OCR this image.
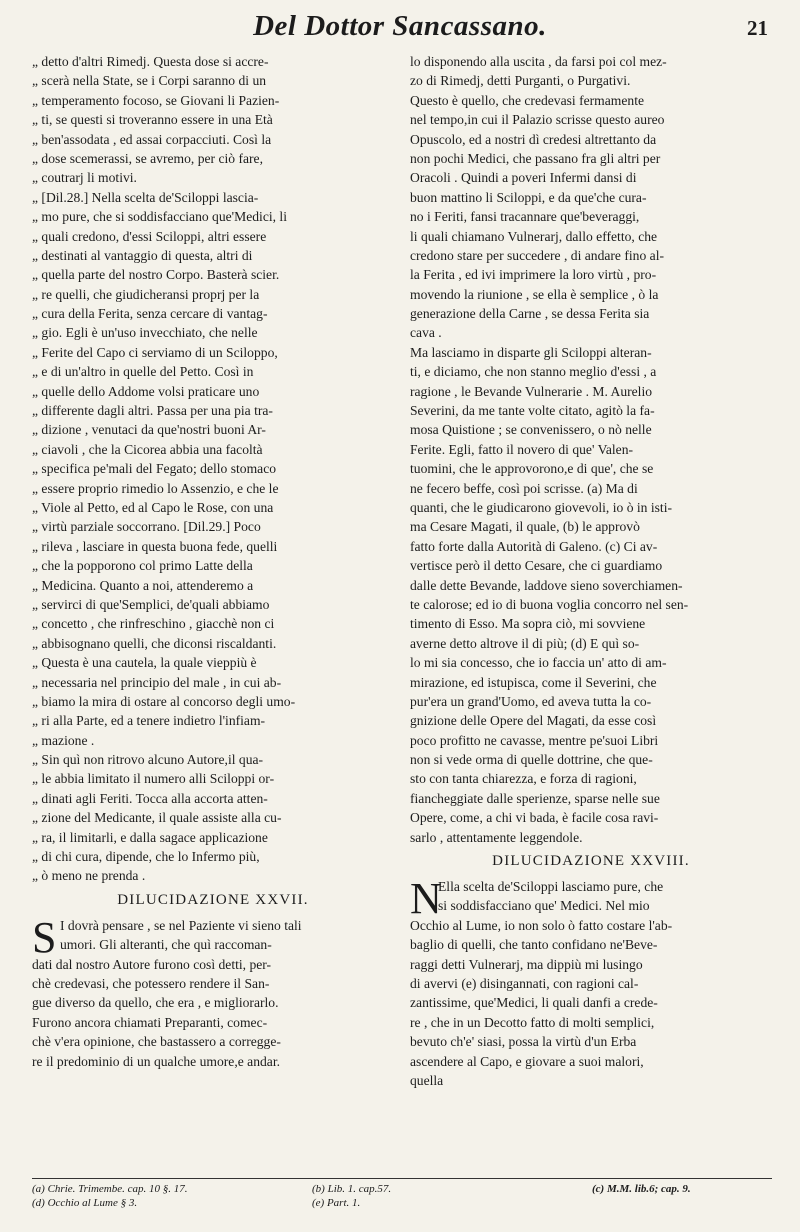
Del Dottor Sancassano.	21
„ detto d'altri Rimedj. Questa dose si accre-
„ scerà nella State, se i Corpi saranno di un
„ temperamento focoso, se Giovani li Pazien-
„ ti, se questi si troveranno essere in una Età
„ ben'assodata , ed assai corpacciuti. Così la
„ dose scemerassi, se avremo, per ciò fare,
„ coutrarj li motivi.
„ [Dil.28.] Nella scelta de'Sciloppi lascia-
„ mo pure, che si soddisfacciano que'Medici, li
„ quali credono, d'essi Sciloppi, altri essere
„ destinati al vantaggio di questa, altri di
„ quella parte del nostro Corpo. Basterà scier.
„ re quelli, che giudicheransi proprj per la
„ cura della Ferita, senza cercare di vantag-
„ gio. Egli è un'uso invecchiato, che nelle
„ Ferite del Capo ci serviamo di un Sciloppo,
„ e di un'altro in quelle del Petto. Così in
„ quelle dello Addome volsi praticare uno
„ differente dagli altri. Passa per una pia tra-
„ dizione , venutaci da que'nostri buoni Ar-
„ ciavoli , che la Cicorea abbia una facoltà
„ specifica pe'mali del Fegato; dello stomaco
„ essere proprio rimedio lo Assenzio, e che le
„ Viole al Petto, ed al Capo le Rose, con una
„ virtù parziale soccorrano. [Dil.29.] Poco
„ rileva , lasciare in questa buona fede, quelli
„ che la popporono col primo Latte della
„ Medicina. Quanto a noi, attenderemo a
„ servirci di que'Semplici, de'quali abbiamo
„ concetto , che rinfreschino , giacchè non ci
„ abbisognano quelli, che diconsi riscaldanti.
„ Questa è una cautela, la quale vieppiù è
„ necessaria nel principio del male , in cui ab-
„ biamo la mira di ostare al concorso degli umo-
„ ri alla Parte, ed a tenere indietro l'infiam-
„ mazione .
„ Sin quì non ritrovo alcuno Autore,il qua-
„ le abbia limitato il numero alli Sciloppi or-
„ dinati agli Feriti. Tocca alla accorta atten-
„ zione del Medicante, il quale assiste alla cu-
„ ra, il limitarli, e dalla sagace applicazione
„ di chi cura, dipende, che lo Infermo più,
„ ò meno ne prenda .
DILUCIDAZIONE XXVII.
S I dovrà pensare , se nel Paziente vi sieno tali
umori. Gli alteranti, che quì raccoman-
dati dal nostro Autore furono così detti, per-
chè credevasi, che potessero rendere il San-
gue diverso da quello, che era , e migliorarlo.
Furono ancora chiamati Preparanti, comec-
chè v'era opinione, che bastassero a corregge-
re il predominio di un qualche umore,e andar.
lo disponendo alla uscita , da farsi poi col mez-
zo di Rimedj, detti Purganti, o Purgativi.
Questo è quello, che credevasi fermamente
nel tempo,in cui il Palazio scrisse questo aureo
Opuscolo, ed a nostri dì credesi altrettanto da
non pochi Medici, che passano fra gli altri per
Oracoli . Quindi a poveri Infermi dansi di
buon mattino li Sciloppi, e da que'che cura-
no i Feriti, fansi tracannare que'beveraggi,
li quali chiamano Vulnerarj, dallo effetto, che
credono stare per succedere , di andare fino al-
la Ferita , ed ivi imprimere la loro virtù , pro-
movendo la riunione , se ella è semplice , ò la
generazione della Carne , se dessa Ferita sia
cava .
Ma lasciamo in disparte gli Sciloppi alteran-
ti, e diciamo, che non stanno meglio d'essi , a
ragione , le Bevande Vulnerarie . M. Aurelio
Severini, da me tante volte citato, agitò la fa-
mosa Quistione ; se convenissero, o nò nelle
Ferite. Egli, fatto il novero di que' Valen-
tuomini, che le approvorono,e di que', che se
ne fecero beffe, così poi scrisse. (a) Ma di
quanti, che le giudicarono giovevoli, io ò in isti-
ma Cesare Magati, il quale, (b) le approvò
fatto forte dalla Autorità di Galeno. (c) Ci av-
vertisce però il detto Cesare, che ci guardiamo
dalle dette Bevande, laddove sieno soverchiamen-
te calorose; ed io di buona voglia concorro nel sen-
timento di Esso. Ma sopra ciò, mi sovviene
averne detto altrove il di più; (d) E quì so-
lo mi sia concesso, che io faccia un' atto di am-
mirazione, ed istupisca, come il Severini, che
pur'era un grand'Uomo, ed aveva tutta la co-
gnizione delle Opere del Magati, da esse così
poco profitto ne cavasse, mentre pe'suoi Libri
non si vede orma di quelle dottrine, che que-
sto con tanta chiarezza, e forza di ragioni,
fiancheggiate dalle sperienze, sparse nelle sue
Opere, come, a chi vi bada, è facile cosa ravi-
sarlo , attentamente leggendole.
DILUCIDAZIONE XXVIII.
N
Ella scelta de'Sciloppi lasciamo pure, che
si soddisfacciano que' Medici. Nel mio
Occhio al Lume, io non solo ò fatto costare l'ab-
baglio di quelli, che tanto confidano ne'Beve-
raggi detti Vulnerarj, ma dippiù mi lusingo
di avervi (e) disingannati, con ragioni cal-
zantissime, que'Medici, li quali danfi a crede-
re , che in un Decotto fatto di molti semplici,
bevuto ch'e' siasi, possa la virtù d'un Erba
ascendere al Capo, e giovare a suoi malori,
quella
(a) Chrie. Trimembe. cap. 10 §. 17.	(b) Lib. 1. cap.57.	(c) M.M. lib.6; cap. 9.
(d) Occhio al Lume § 3.	(e) Part. 1.
